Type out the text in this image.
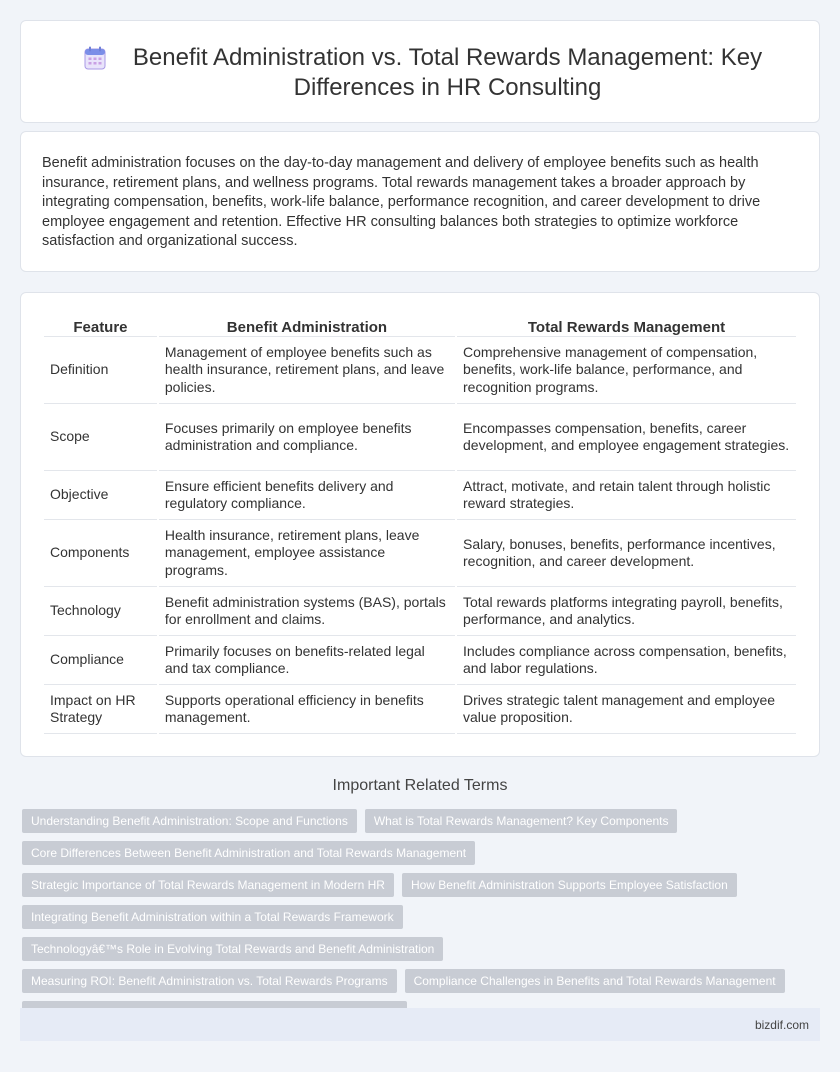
Benefit Administration vs. Total Rewards Management: Key Differences in HR Consulting

Benefit administration focuses on the day-to-day management and delivery of employee benefits such as health insurance, retirement plans, and wellness programs. Total rewards management takes a broader approach by integrating compensation, benefits, work-life balance, performance recognition, and career development to drive employee engagement and retention. Effective HR consulting balances both strategies to optimize workforce satisfaction and organizational success.

Feature	Benefit Administration	Total Rewards Management
Definition	Management of employee benefits such as health insurance, retirement plans, and leave policies.	Comprehensive management of compensation, benefits, work-life balance, performance, and recognition programs.
Scope	Focuses primarily on employee benefits administration and compliance.	Encompasses compensation, benefits, career development, and employee engagement strategies.
Objective	Ensure efficient benefits delivery and regulatory compliance.	Attract, motivate, and retain talent through holistic reward strategies.
Components	Health insurance, retirement plans, leave management, employee assistance programs.	Salary, bonuses, benefits, performance incentives, recognition, and career development.
Technology	Benefit administration systems (BAS), portals for enrollment and claims.	Total rewards platforms integrating payroll, benefits, performance, and analytics.
Compliance	Primarily focuses on benefits-related legal and tax compliance.	Includes compliance across compensation, benefits, and labor regulations.
Impact on HR Strategy	Supports operational efficiency in benefits management.	Drives strategic talent management and employee value proposition.
Important Related Terms
Understanding Benefit Administration: Scope and Functions	What is Total Rewards Management? Key Components
Core Differences Between Benefit Administration and Total Rewards Management
Strategic Importance of Total Rewards Management in Modern HR	How Benefit Administration Supports Employee Satisfaction
Integrating Benefit Administration within a Total Rewards Framework
Technologyâ€™s Role in Evolving Total Rewards and Benefit Administration
Measuring ROI: Benefit Administration vs. Total Rewards Programs	Compliance Challenges in Benefits and Total Rewards Management
bizdif.com
